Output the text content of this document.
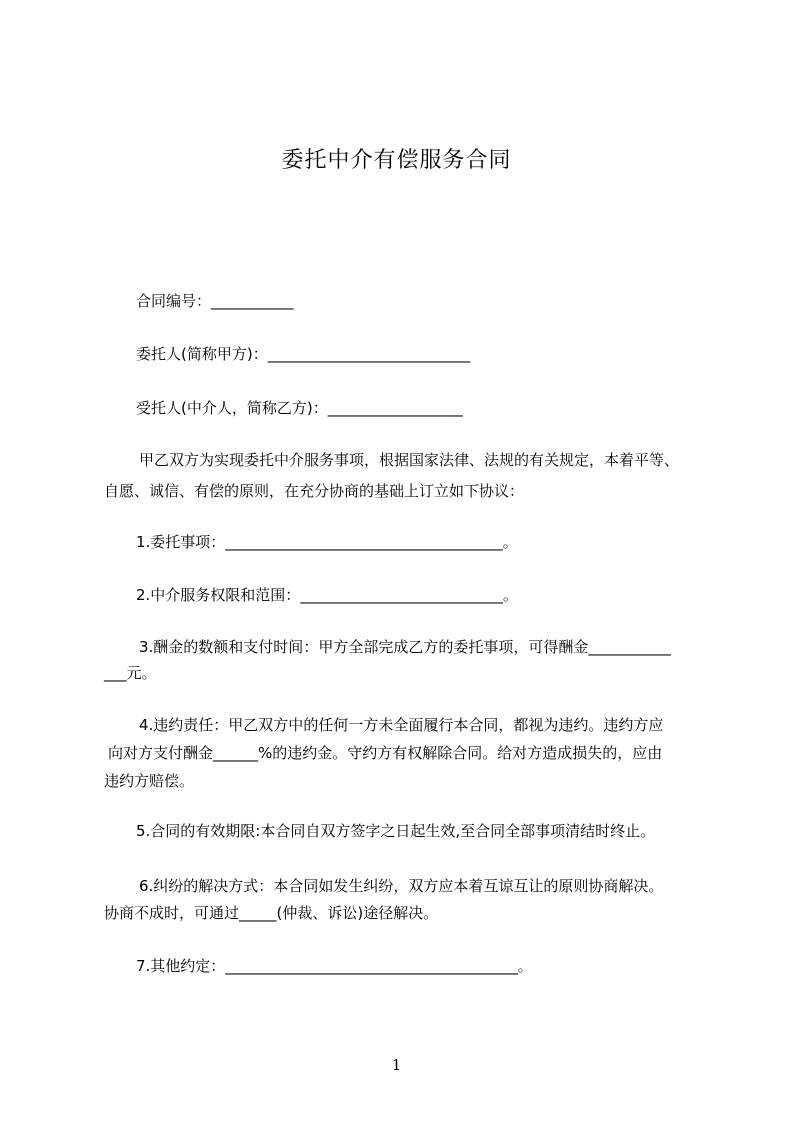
委托中介有偿服务合同
合同编号：___________
委托人(简称甲方)：___________________________
受托人(中介人，简称乙方)：__________________
甲乙双方为实现委托中介服务事项，根据国家法律、法规的有关规定，本着平等、
自愿、诚信、有偿的原则，在充分协商的基础上订立如下协议：
1.委托事项：_____________________________________。
2.中介服务权限和范围：___________________________。
3.酬金的数额和支付时间：甲方全部完成乙方的委托事项，可得酬金___________
___元。
4.违约责任：甲乙双方中的任何一方未全面履行本合同，都视为违约。违约方应
向对方支付酬金______%的违约金。守约方有权解除合同。给对方造成损失的，应由
违约方赔偿。
5.合同的有效期限:本合同自双方签字之日起生效,至合同全部事项清结时终止。
6.纠纷的解决方式：本合同如发生纠纷，双方应本着互谅互让的原则协商解决。
协商不成时，可通过_____(仲裁、诉讼)途径解决。
7.其他约定：_______________________________________。
1
